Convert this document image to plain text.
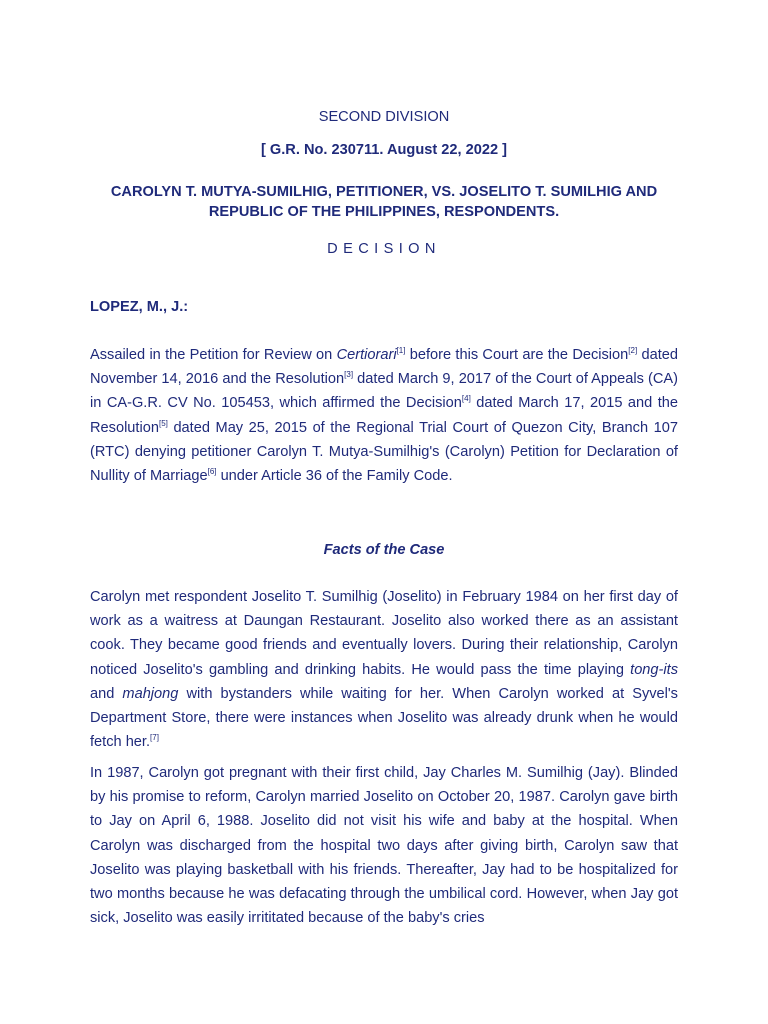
SECOND DIVISION
[ G.R. No. 230711. August 22, 2022 ]
CAROLYN T. MUTYA-SUMILHIG, PETITIONER, VS. JOSELITO T. SUMILHIG AND
REPUBLIC OF THE PHILIPPINES, RESPONDENTS.
DECISION
LOPEZ, M., J.:

Assailed in the Petition for Review on Certiorari[1] before this Court are the Decision[2] dated November 14, 2016 and the Resolution[3] dated March 9, 2017 of the Court of Appeals (CA) in CA-G.R. CV No. 105453, which affirmed the Decision[4] dated March 17, 2015 and the Resolution[5] dated May 25, 2015 of the Regional Trial Court of Quezon City, Branch 107 (RTC) denying petitioner Carolyn T. Mutya-Sumilhig's (Carolyn) Petition for Declaration of Nullity of Marriage[6] under Article 36 of the Family Code.

Facts of the Case

Carolyn met respondent Joselito T. Sumilhig (Joselito) in February 1984 on her first day of work as a waitress at Daungan Restaurant. Joselito also worked there as an assistant cook. They became good friends and eventually lovers. During their relationship, Carolyn noticed Joselito's gambling and drinking habits. He would pass the time playing tong-its and mahjong with bystanders while waiting for her. When Carolyn worked at Syvel's Department Store, there were instances when Joselito was already drunk when he would fetch her.[7]

In 1987, Carolyn got pregnant with their first child, Jay Charles M. Sumilhig (Jay). Blinded by his promise to reform, Carolyn married Joselito on October 20, 1987. Carolyn gave birth to Jay on April 6, 1988. Joselito did not visit his wife and baby at the hospital. When Carolyn was discharged from the hospital two days after giving birth, Carolyn saw that Joselito was playing basketball with his friends. Thereafter, Jay had to be hospitalized for two months because he was defacating through the umbilical cord. However, when Jay got sick, Joselito was easily irrititated because of the baby's cries
